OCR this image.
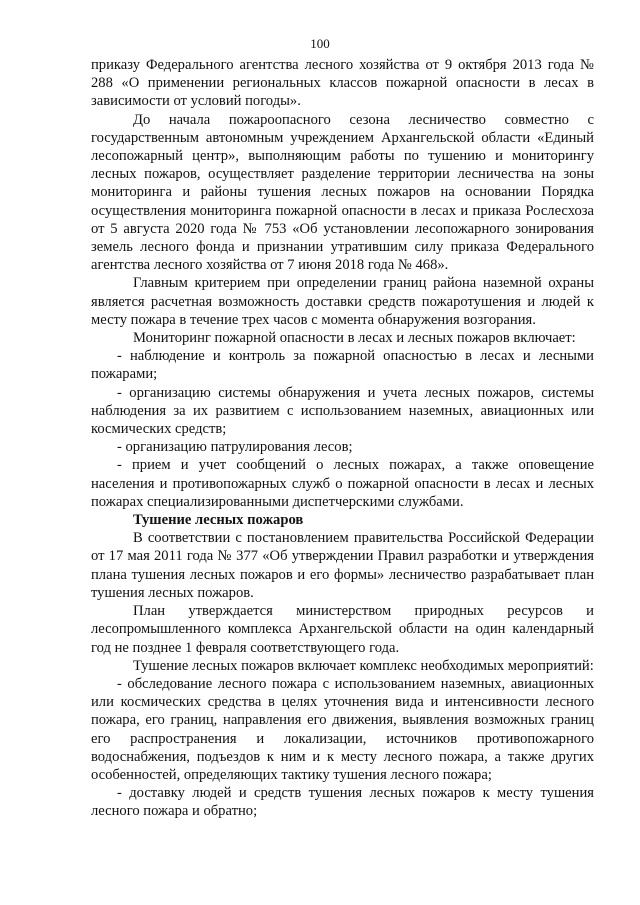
100

приказу Федерального агентства лесного хозяйства от 9 октября 2013 года № 288 «О применении региональных классов пожарной опасности в лесах в зависимости от условий погоды».

До начала пожароопасного сезона лесничество совместно с государственным автономным учреждением Архангельской области «Единый лесопожарный центр», выполняющим работы по тушению и мониторингу лесных пожаров, осуществляет разделение территории лесничества на зоны мониторинга и районы тушения лесных пожаров на основании Порядка осуществления мониторинга пожарной опасности в лесах и приказа Рослесхоза от 5 августа 2020 года № 753 «Об установлении лесопожарного зонирования земель лесного фонда и признании утратившим силу приказа Федерального агентства лесного хозяйства от 7 июня 2018 года № 468».

Главным критерием при определении границ района наземной охраны является расчетная возможность доставки средств пожаротушения и людей к месту пожара в течение трех часов с момента обнаружения возгорания.

Мониторинг пожарной опасности в лесах и лесных пожаров включает:

- наблюдение и контроль за пожарной опасностью в лесах и лесными пожарами;

- организацию системы обнаружения и учета лесных пожаров, системы наблюдения за их развитием с использованием наземных, авиационных или космических средств;

- организацию патрулирования лесов;

- прием и учет сообщений о лесных пожарах, а также оповещение населения и противопожарных служб о пожарной опасности в лесах и лесных пожарах специализированными диспетчерскими службами.

Тушение лесных пожаров

В соответствии с постановлением правительства Российской Федерации от 17 мая 2011 года № 377 «Об утверждении Правил разработки и утверждения плана тушения лесных пожаров и его формы» лесничество разрабатывает план тушения лесных пожаров.

План утверждается министерством природных ресурсов и лесопромышленного комплекса Архангельской области на один календарный год не позднее 1 февраля соответствующего года.

Тушение лесных пожаров включает комплекс необходимых мероприятий:

- обследование лесного пожара с использованием наземных, авиационных или космических средства в целях уточнения вида и интенсивности лесного пожара, его границ, направления его движения, выявления возможных границ его распространения и локализации, источников противопожарного водоснабжения, подъездов к ним и к месту лесного пожара, а также других особенностей, определяющих тактику тушения лесного пожара;

- доставку людей и средств тушения лесных пожаров к месту тушения лесного пожара и обратно;
